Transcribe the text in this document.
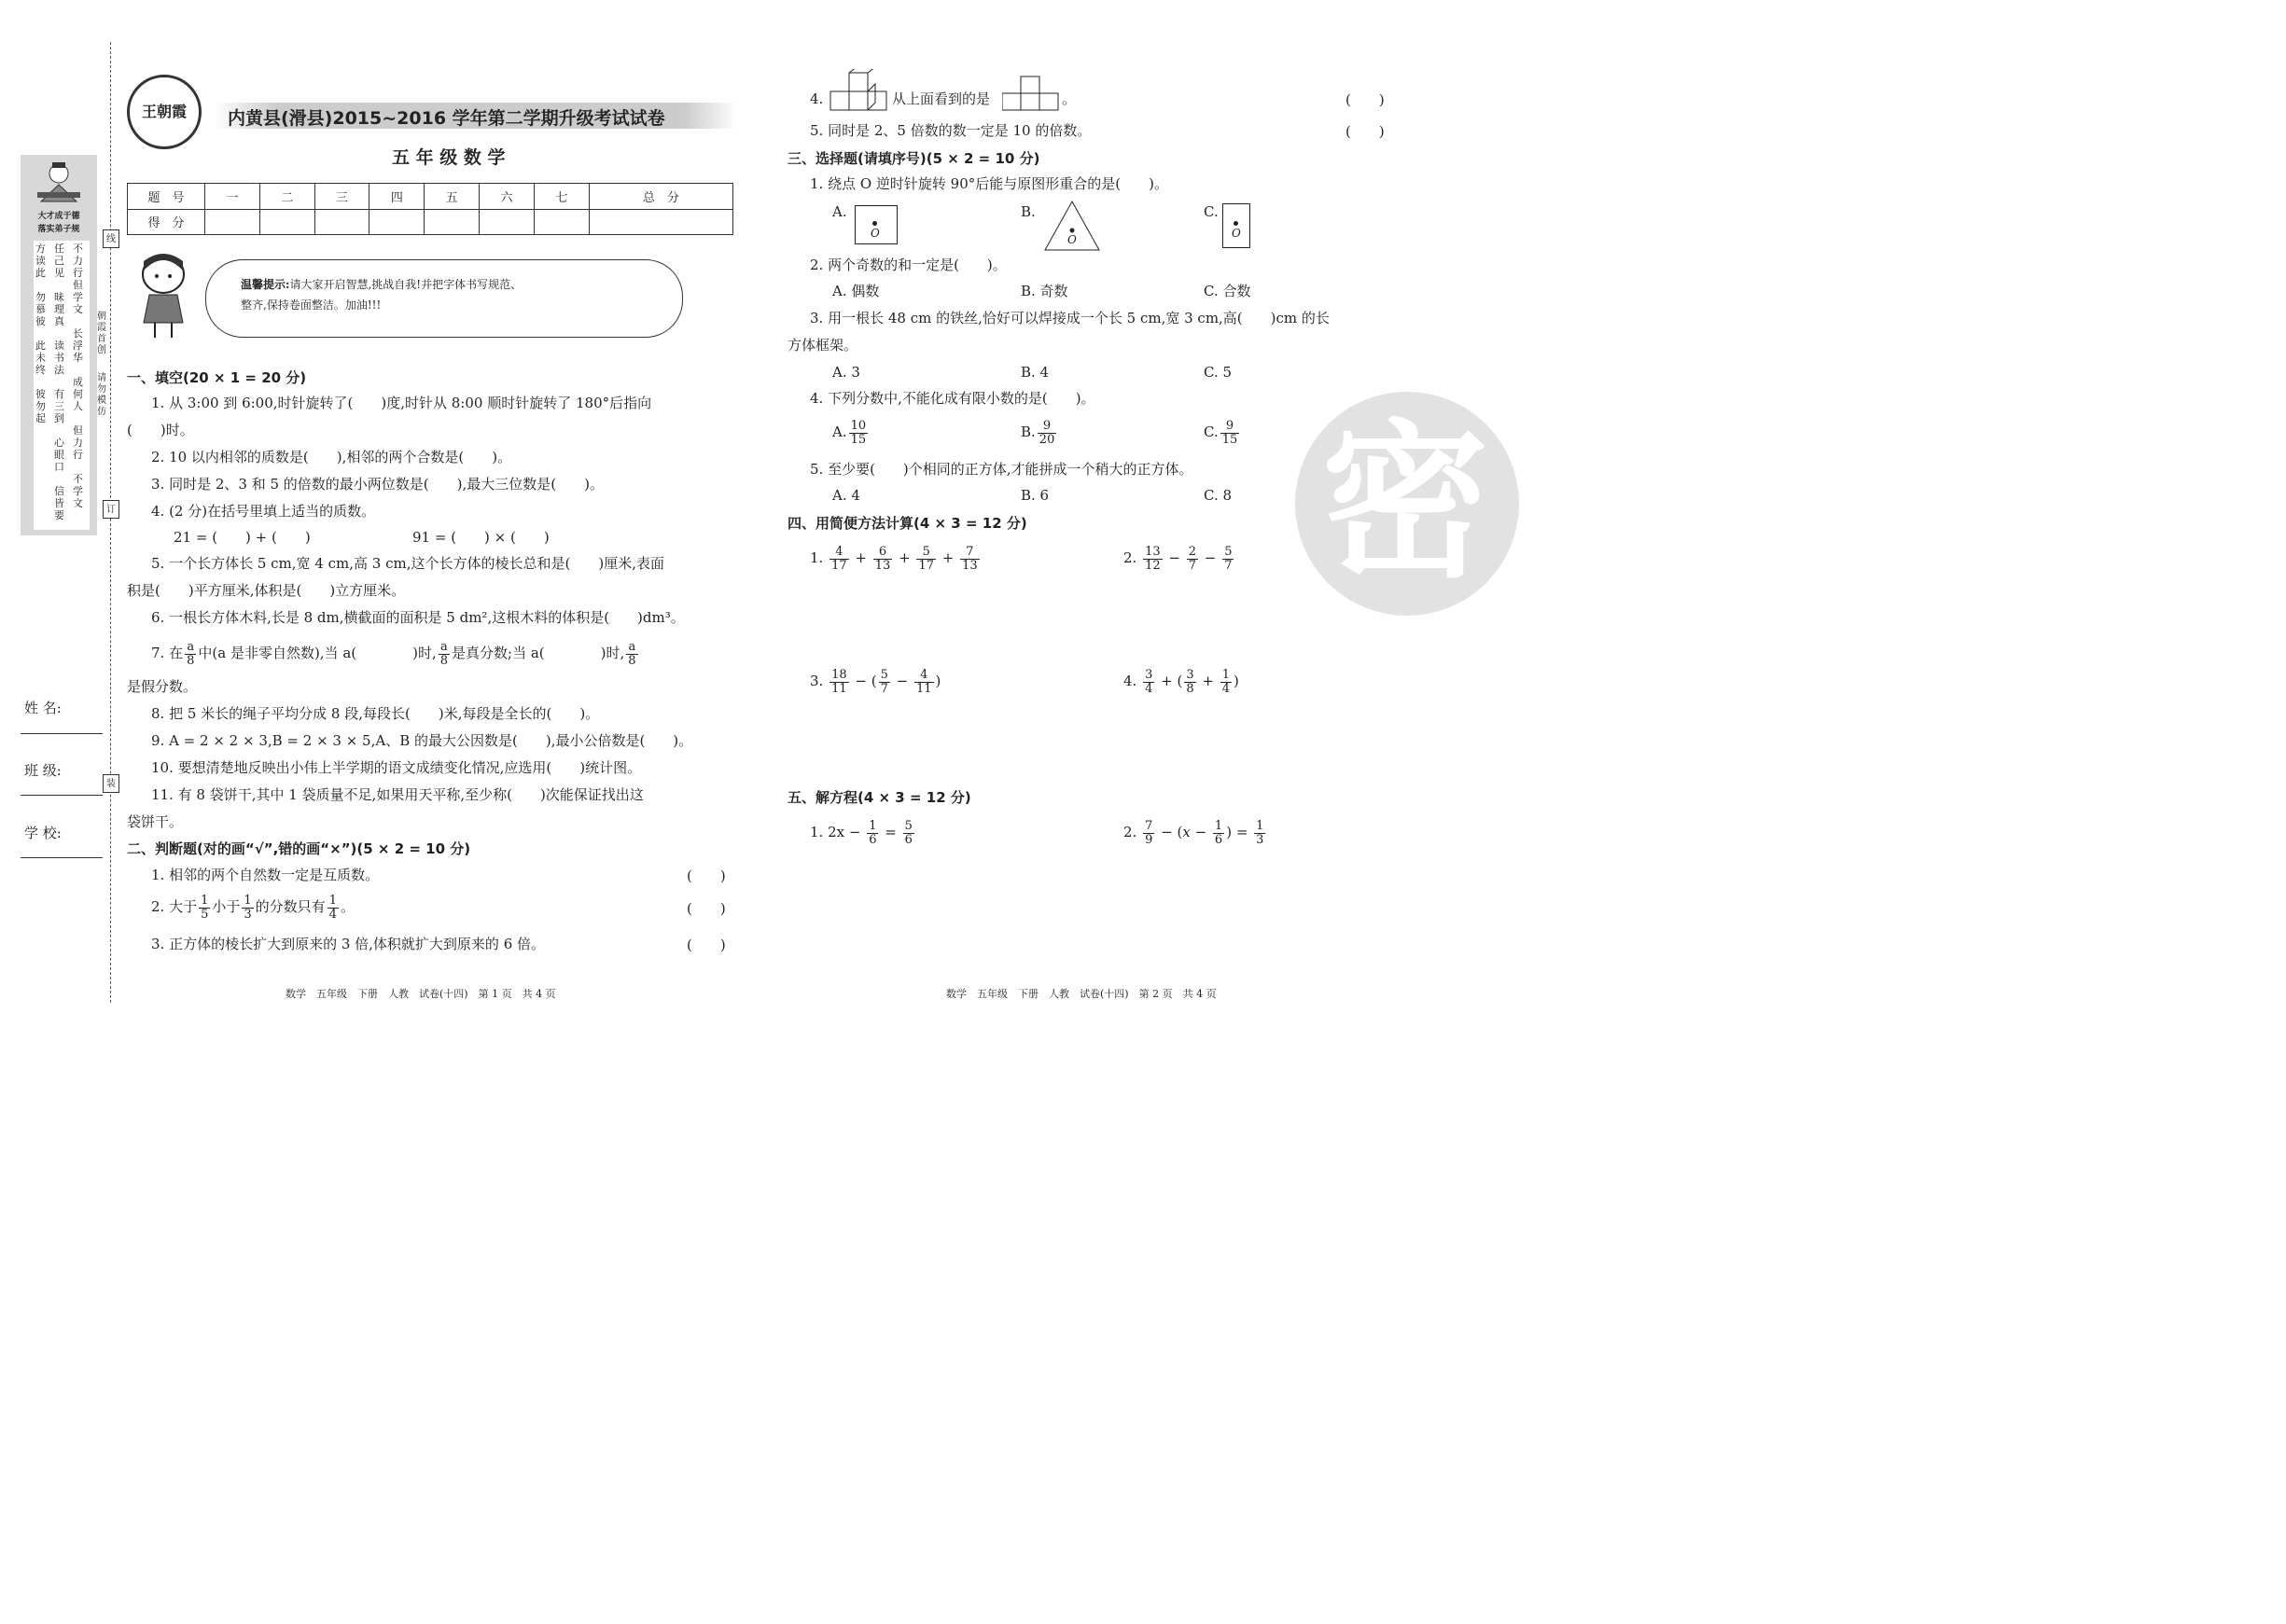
大才成于德
落实弟子规
方读此

勿慕彼

此未终

彼勿起
任己见

昧理真

读书法

有三到

心眼口

信皆要
不力行
但学文

长浮华

成何人

但力行

不学文
线
订
装
朝霞首创
请勿模仿
姓 名:
班 级:
学 校:
王朝霞	内黄县(滑县)2015~2016 学年第二学期升级考试试卷
五 年 级 数 学
题　号	一	二	三	四	五	六	七	总　分
得　分								
温馨提示:请大家开启智慧,挑战自我!并把字体书写规范、
整齐,保持卷面整洁。加油!!!
一、填空(20 × 1 = 20 分)
1. 从 3:00 到 6:00,时针旋转了(　　)度,时针从 8:00 顺时针旋转了 180°后指向
(　　)时。
2. 10 以内相邻的质数是(　　),相邻的两个合数是(　　)。
3. 同时是 2、3 和 5 的倍数的最小两位数是(　　),最大三位数是(　　)。
4. (2 分)在括号里填上适当的质数。
21 = (　　) + (　　)	91 = (　　) × (　　)
5. 一个长方体长 5 cm,宽 4 cm,高 3 cm,这个长方体的棱长总和是(　　)厘米,表面
积是(　　)平方厘米,体积是(　　)立方厘米。
6. 一根长方体木料,长是 8 dm,横截面的面积是 5 dm²,这根木料的体积是(　　)dm³。
7. 在 $\frac{a}{8}$ 中(a 是非零自然数),当 a(　　　　)时, $\frac{a}{8}$ 是真分数;当 a(　　　　)时, $\frac{a}{8}$
是假分数。
8. 把 5 米长的绳子平均分成 8 段,每段长(　　)米,每段是全长的(　　)。
9. A = 2 × 2 × 3,B = 2 × 3 × 5,A、B 的最大公因数是(　　),最小公倍数是(　　)。
10. 要想清楚地反映出小伟上半学期的语文成绩变化情况,应选用(　　)统计图。
11. 有 8 袋饼干,其中 1 袋质量不足,如果用天平称,至少称(　　)次能保证找出这
袋饼干。
二、判断题(对的画“√”,错的画“×”)(5 × 2 = 10 分)
1. 相邻的两个自然数一定是互质数。	(　　)
2. 大于 $\frac{1}{5}$ 小于 $\frac{1}{3}$ 的分数只有 $\frac{1}{4}$ 。	(　　)
3. 正方体的棱长扩大到原来的 3 倍,体积就扩大到原来的 6 倍。	(　　)
数学　五年级　下册　人教　试卷(十四)　第 1 页　共 4 页
4.	从上面看到的是	。	(　　)
5. 同时是 2、5 倍数的数一定是 10 的倍数。	(　　)
三、选择题(请填序号)(5 × 2 = 10 分)
1. 绕点 O 逆时针旋转 90°后能与原图形重合的是(　　)。
A.
O
B.
O
C.
O
2. 两个奇数的和一定是(　　)。
A. 偶数	B. 奇数	C. 合数
3. 用一根长 48 cm 的铁丝,恰好可以焊接成一个长 5 cm,宽 3 cm,高(　　)cm 的长
方体框架。
A. 3	B. 4	C. 5
4. 下列分数中,不能化成有限小数的是(　　)。
A. $\frac{10}{15}$	B. $\frac{9}{20}$	C. $\frac{9}{15}$
5. 至少要(　　)个相同的正方体,才能拼成一个稍大的正方体。
A. 4	B. 6	C. 8
四、用简便方法计算(4 × 3 = 12 分)
1. $\frac{4}{17} + \frac{6}{13} + \frac{5}{17} + \frac{7}{13}$	2. $\frac{13}{12} - \frac{2}{7} - \frac{5}{7}$
3. $\frac{18}{11}$ − ( $\frac{5}{7} - \frac{4}{11}$ )	4. $\frac{3}{4}$ + ( $\frac{3}{8} + \frac{1}{4}$ )
五、解方程(4 × 3 = 12 分)
1. $2x - \frac{1}{6} = \frac{5}{6}$	2. $\frac{7}{9} - (x - \frac{1}{6}$ ) = $\frac{1}{3}$
密
数学　五年级　下册　人教　试卷(十四)　第 2 页　共 4 页
